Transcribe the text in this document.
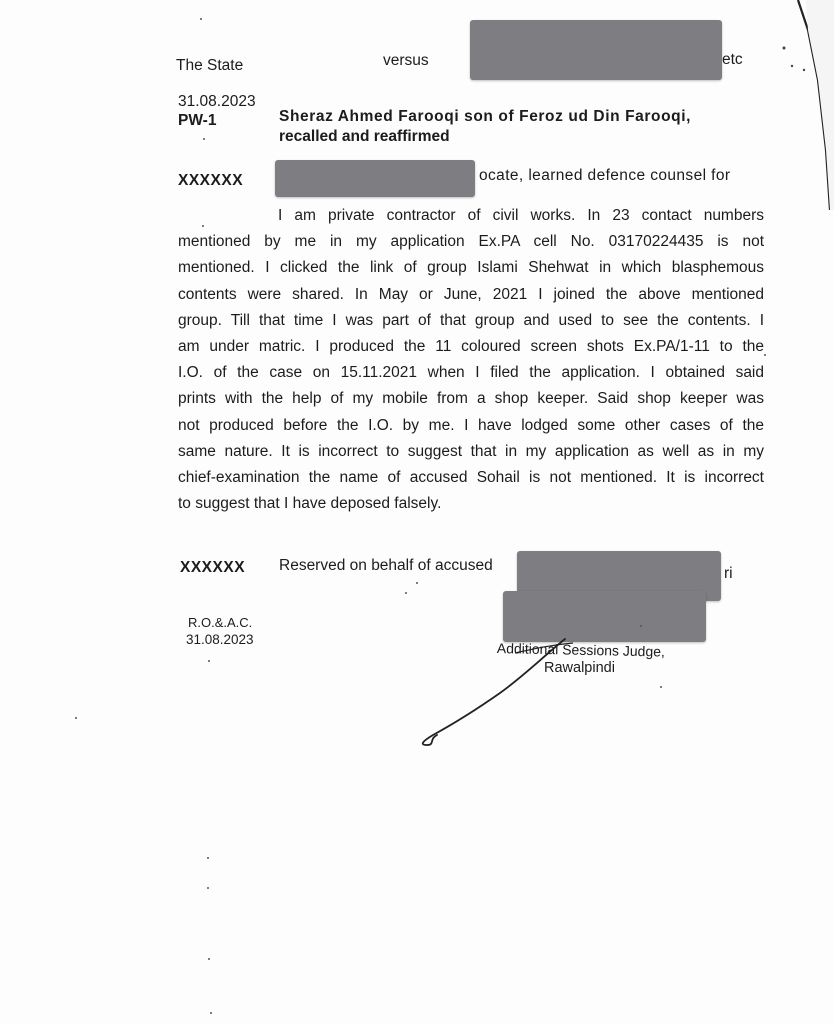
The State	versus	etc
31.08.2023
PW-1	Sheraz Ahmed Farooqi son of Feroz ud Din Farooqi,
recalled and reaffirmed
XXXXXX	ocate, learned defence counsel for
I am private contractor of civil works. In 23 contact numbers
mentioned by me in my application Ex.PA cell No. 03170224435 is not
mentioned. I clicked the link of group Islami Shehwat in which blasphemous
contents were shared. In May or June, 2021 I joined the above mentioned
group. Till that time I was part of that group and used to see the contents. I
am under matric. I produced the 11 coloured screen shots Ex.PA/1-11 to the
I.O. of the case on 15.11.2021 when I filed the application. I obtained said
prints with the help of my mobile from a shop keeper. Said shop keeper was
not produced before the I.O. by me. I have lodged some other cases of the
same nature. It is incorrect to suggest that in my application as well as in my
chief-examination the name of accused Sohail is not mentioned. It is incorrect
to suggest that I have deposed falsely.
XXXXXX Reserved on behalf of accused	ri
R.O.&.A.C.
31.08.2023
Additional Sessions Judge,
Rawalpindi
